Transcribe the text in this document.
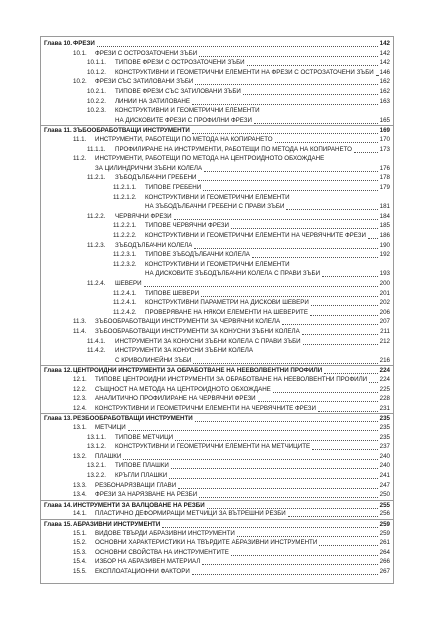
Глава 10. ФРЕЗИ	142
10.1. ФРЕЗИ С ОСТРОЗАТОЧЕНИ ЗЪБИ	142
10.1.1. ТИПОВЕ ФРЕЗИ С ОСТРОЗАТОЧЕНИ ЗЪБИ	142
10.1.2. КОНСТРУКТИВНИ И ГЕОМЕТРИЧНИ ЕЛЕМЕНТИ НА ФРЕЗИ С ОСТРОЗАТОЧЕНИ ЗЪБИ 146
10.2. ФРЕЗИ СЪС ЗАТИЛОВАНИ ЗЪБИ	162
10.2.1. ТИПОВЕ ФРЕЗИ СЪС ЗАТИЛОВАНИ ЗЪБИ	162
10.2.2. ЛИНИИ НА ЗАТИЛОВАНЕ	163
10.2.3. КОНСТРУКТИВНИ И ГЕОМЕТРИЧНИ ЕЛЕМЕНТИ
НА ДИСКОВИТЕ ФРЕЗИ С ПРОФИЛНИ ФРЕЗИ	165
Глава 11. ЗЪБООБРАБОТВАЩИ ИНСТРУМЕНТИ	169
11.1. ИНСТРУМЕНТИ, РАБОТЕЩИ ПО МЕТОДА НА КОПИРАНЕТО	170
11.1.1. ПРОФИЛИРАНЕ НА ИНСТРУМЕНТИ, РАБОТЕЩИ ПО МЕТОДА НА КОПИРАНЕТО	173
11.2. ИНСТРУМЕНТИ, РАБОТЕЩИ ПО МЕТОДА НА ЦЕНТРОИДНОТО ОБХОЖДАНЕ
ЗА ЦИЛИНДРИЧНИ ЗЪБНИ КОЛЕЛА	176
11.2.1. ЗЪБОДЪЛБАЧНИ ГРЕБЕНИ	178
11.2.1.1. ТИПОВЕ ГРЕБЕНИ	179
11.2.1.2. КОНСТРУКТИВНИ И ГЕОМЕТРИЧНИ ЕЛЕМЕНТИ
НА ЗЪБОДЪЛБАЧНИ ГРЕБЕНИ С ПРАВИ ЗЪБИ	181
11.2.2. ЧЕРВЯЧНИ ФРЕЗИ	184
11.2.2.1. ТИПОВЕ ЧЕРВЯЧНИ ФРЕЗИ	185
11.2.2.2. КОНСТРУКТИВНИ И ГЕОМЕТРИЧНИ ЕЛЕМЕНТИ НА ЧЕРВЯЧНИТЕ ФРЕЗИ 186
11.2.3. ЗЪБОДЪЛБАЧНИ КОЛЕЛА	190
11.2.3.1. ТИПОВЕ ЗЪБОДЪЛБАЧНИ КОЛЕЛА	192
11.2.3.2. КОНСТРУКТИВНИ И ГЕОМЕТРИЧНИ ЕЛЕМЕНТИ
НА ДИСКОВИТЕ ЗЪБОДЪЛБАЧНИ КОЛЕЛА С ПРАВИ ЗЪБИ	193
11.2.4. ШЕВЕРИ	200
11.2.4.1. ТИПОВЕ ШЕВЕРИ	201
11.2.4.1. КОНСТРУКТИВНИ ПАРАМЕТРИ НА ДИСКОВИ ШЕВЕРИ	202
11.2.4.2. ПРОВЕРЯВАНЕ НА НЯКОИ ЕЛЕМЕНТИ НА ШЕВЕРИТЕ	206
11.3. ЗЪБООБРАБОТВАЩИ ИНСТРУМЕНТИ ЗА ЧЕРВЯЧНИ КОЛЕЛА	207
11.4. ЗЪБООБРАБОТВАЩИ ИНСТРУМЕНТИ ЗА КОНУСНИ ЗЪБНИ КОЛЕЛА	211
11.4.1. ИНСТРУМЕНТИ ЗА КОНУСНИ ЗЪБНИ КОЛЕЛА С ПРАВИ ЗЪБИ	212
11.4.2. ИНСТРУМЕНТИ ЗА КОНУСНИ ЗЪБНИ КОЛЕЛА
С КРИВОЛИНЕЙНИ ЗЪБИ	216
Глава 12. ЦЕНТРОИДНИ ИНСТРУМЕНТИ ЗА ОБРАБОТВАНЕ НА НЕЕВОЛВЕНТНИ ПРОФИЛИ	224
12.1. ТИПОВЕ ЦЕНТРОИДНИ ИНСТРУМЕНТИ ЗА ОБРАБОТВАНЕ НА НЕЕВОЛВЕНТНИ ПРОФИЛИ 224
12.2. СЪЩНОСТ НА МЕТОДА НА ЦЕНТРОИДНОТО ОБХОЖДАНЕ	225
12.3. АНАЛИТИЧНО ПРОФИЛИРАНЕ НА ЧЕРВЯЧНИ ФРЕЗИ	228
12.4. КОНСТРУКТИВНИ И ГЕОМЕТРИЧНИ ЕЛЕМЕНТИ НА ЧЕРВЯЧНИТЕ ФРЕЗИ	231
Глава 13. РЕЗБООБРАБОТВАЩИ ИНСТРУМЕНТИ	235
13.1. МЕТЧИЦИ	235
13.1.1. ТИПОВЕ МЕТЧИЦИ	235
13.1.2. КОНСТРУКТИВНИ И ГЕОМЕТРИЧНИ ЕЛЕМЕНТИ НА МЕТЧИЦИТЕ	237
13.2. ПЛАШКИ	240
13.2.1. ТИПОВЕ ПЛАШКИ	240
13.2.2. КРЪГЛИ ПЛАШКИ	241
13.3. РЕЗБОНАРЯЗВАЩИ ГЛАВИ	247
13.4. ФРЕЗИ ЗА НАРЯЗВАНЕ НА РЕЗБИ	250
Глава 14. ИНСТРУМЕНТИ ЗА ВАЛЦОВАНЕ НА РЕЗБИ	255
14.1. ПЛАСТИЧНО ДЕФОРМИРАЩИ МЕТЧИЦИ ЗА ВЪТРЕШНИ РЕЗБИ	256
Глава 15. АБРАЗИВНИ ИНСТРУМЕНТИ	259
15.1. ВИДОВЕ ТВЪРДИ АБРАЗИВНИ ИНСТРУМЕНТИ	259
15.2. ОСНОВНИ ХАРАКТЕРИСТИКИ НА ТВЪРДИТЕ АБРАЗИВНИ ИНСТРУМЕНТИ	261
15.3. ОСНОВНИ СВОЙСТВА НА ИНСТРУМЕНТИТЕ	264
15.4. ИЗБОР НА АБРАЗИВЕН МАТЕРИАЛ	266
15.5. ЕКСПЛОАТАЦИОННИ ФАКТОРИ	267
